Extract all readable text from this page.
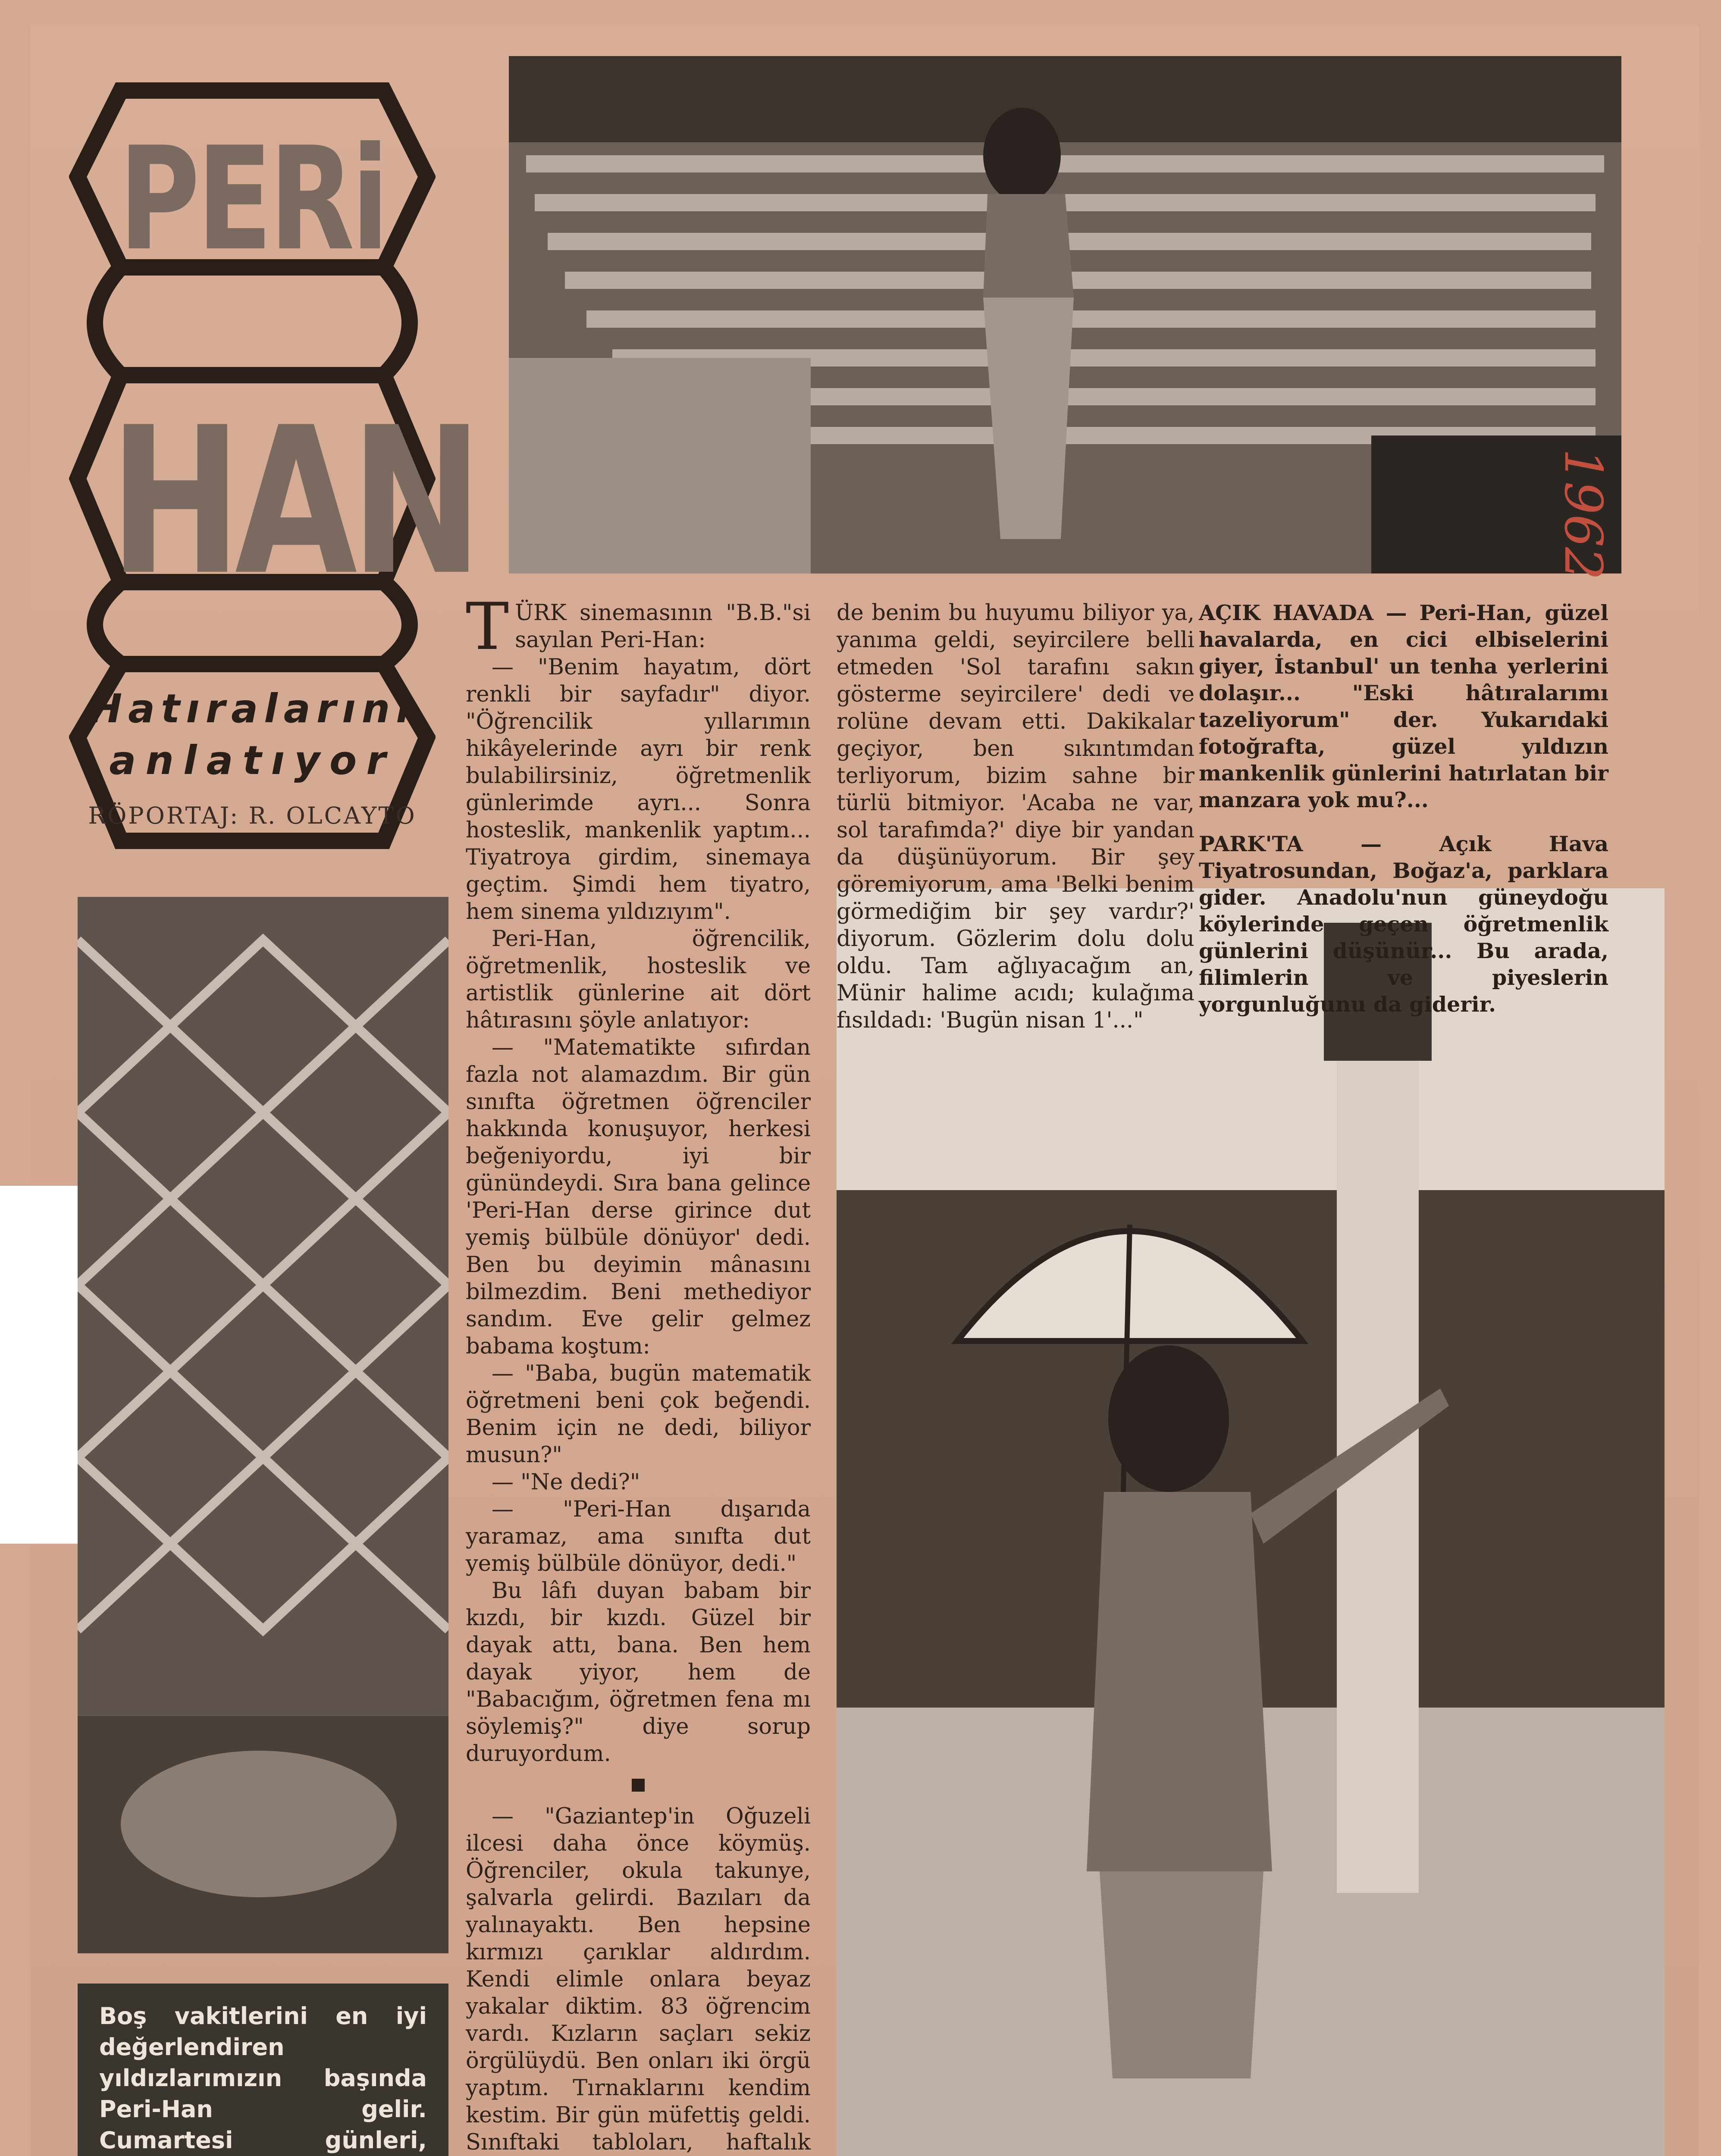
PERi
HAN
Hatıralarını
anlatıyor
RÖPORTAJ: R. OLCAYTO

TÜRK sinemasının "B.B."si sayılan Peri-Han:

— "Benim hayatım, dört renkli bir sayfadır" diyor. "Öğrencilik yıllarımın hikâyelerinde ayrı bir renk bulabilirsiniz, öğretmenlik günlerimde ayrı... Sonra hosteslik, mankenlik yaptım... Tiyatroya girdim, sinemaya geçtim. Şimdi hem tiyatro, hem sinema yıldızıyım".

Peri-Han, öğrencilik, öğretmenlik, hosteslik ve artistlik günlerine ait dört hâtırasını şöyle anlatıyor:

— "Matematikte sıfırdan fazla not alamazdım. Bir gün sınıfta öğretmen öğrenciler hakkında konuşuyor, herkesi beğeniyordu, iyi bir günündeydi. Sıra bana gelince 'Peri-Han derse girince dut yemiş bülbüle dönüyor' dedi. Ben bu deyimin mânasını bilmezdim. Beni methediyor sandım. Eve gelir gelmez babama koştum:

— "Baba, bugün matematik öğretmeni beni çok beğendi. Benim için ne dedi, biliyor musun?"

— "Ne dedi?"

— "Peri-Han dışarıda yaramaz, ama sınıfta dut yemiş bülbüle dönüyor, dedi."

Bu lâfı duyan babam bir kızdı, bir kızdı. Güzel bir dayak attı, bana. Ben hem dayak yiyor, hem de "Babacığım, öğretmen fena mı söylemiş?" diye sorup duruyordum.

— "Gaziantep'in Oğuzeli ilcesi daha önce köymüş. Öğrenciler, okula takunye, şalvarla gelirdi. Bazıları da yalınayaktı. Ben hepsine kırmızı çarıklar aldırdım. Kendi elimle onlara beyaz yakalar diktim. 83 öğrencim vardı. Kızların saçları sekiz örgülüydü. Ben onları iki örgü yaptım. Tırnaklarını kendim kestim. Bir gün müfettiş geldi. Sınıftaki tabloları, haftalık

de benim bu huyumu biliyor ya, yanıma geldi, seyircilere belli etmeden 'Sol tarafını sakın gösterme seyircilere' dedi ve rolüne devam etti. Dakikalar geçiyor, ben sıkıntımdan terliyorum, bizim sahne bir türlü bitmiyor. 'Acaba ne var, sol tarafımda?' diye bir yandan da düşünüyorum. Bir şey göremiyorum, ama 'Belki benim görmediğim bir şey vardır?' diyorum. Gözlerim dolu dolu oldu. Tam ağlıyacağım an, Münir halime acıdı; kulağıma fısıldadı: 'Bugün nisan 1'..."

AÇIK HAVADA — Peri-Han, güzel havalarda, en cici elbiselerini giyer, İstanbul' un tenha yerlerini dolaşır... "Eski hâtıralarımı tazeliyorum" der. Yukarıdaki fotoğrafta, güzel yıldızın mankenlik günlerini hatırlatan bir manzara yok mu?...

PARK'TA — Açık Hava Tiyatrosundan, Boğaz'a, parklara gider. Anadolu'nun güneydoğu köylerinde geçen öğretmenlik günlerini düşünür... Bu arada, filimlerin ve piyeslerin yorgunluğunu da giderir.

Boş vakitlerini en iyi değerlendiren yıldızlarımızın başında Peri-Han gelir. Cumartesi günleri,
1962
